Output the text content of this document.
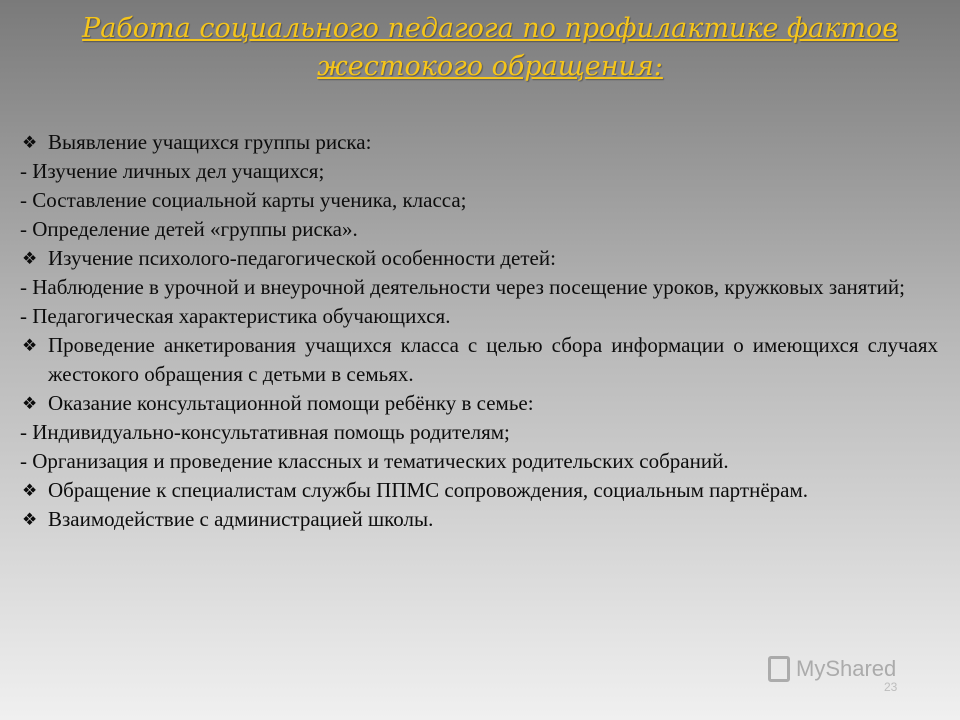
Работа социального педагога по профилактике фактов жестокого обращения:
❖ Выявление учащихся группы риска:
- Изучение личных дел учащихся;
- Составление социальной карты ученика, класса;
- Определение детей «группы риска».
❖ Изучение психолого-педагогической особенности детей:
- Наблюдение в урочной и внеурочной деятельности через посещение уроков, кружковых занятий;
- Педагогическая характеристика обучающихся.
❖ Проведение анкетирования учащихся класса с целью сбора информации о имеющихся случаях жестокого обращения с детьми в семьях.
❖ Оказание консультационной помощи ребёнку в семье:
- Индивидуально-консультативная помощь родителям;
- Организация и проведение классных и тематических родительских собраний.
❖ Обращение к специалистам службы ППМС сопровождения, социальным партнёрам.
❖ Взаимодействие с администрацией школы.
MyShared
23
